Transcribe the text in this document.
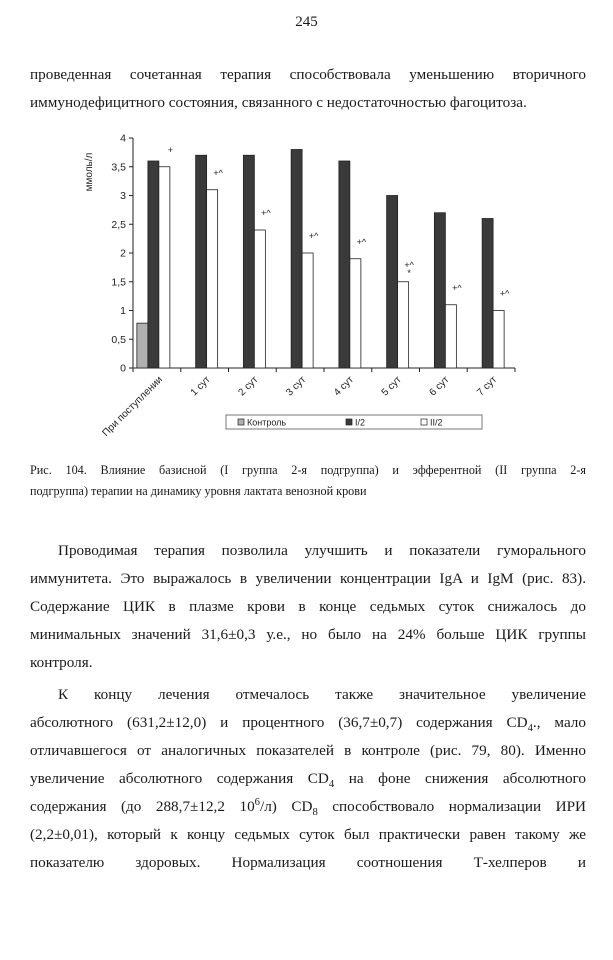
245

проведенная сочетанная терапия способствовала уменьшению вторичного
иммунодефицитного состояния, связанного с недостаточностью фагоцитоза.

ммоль/л
0
0,5
1
1,5
2
2,5
3
3,5
4
При поступлении 1 сут 2 сут 3 сут 4 сут 5 сут 6 сут 7 сут
+
+^
+^
+^
+^
+^
*
+^
+^
Контроль	I/2	II/2

Рис. 104. Влияние базисной (I группа 2-я подгруппа) и эфферентной (II группа 2-я
подгруппа) терапии на динамику уровня лактата венозной крови

Проводимая терапия позволила улучшить и показатели гуморального
иммунитета. Это выражалось в увеличении концентрации IgA и IgM (рис. 83).
Содержание ЦИК в плазме крови в конце седьмых суток снижалось до
минимальных значений 31,6±0,3 у.е., но было на 24% больше ЦИК группы
контроля.

К концу лечения отмечалось также значительное увеличение
абсолютного (631,2±12,0) и процентного (36,7±0,7) содержания $CD_4$., мало
отличавшегося от аналогичных показателей в контроле (рис. 79, 80). Именно
увеличение абсолютного содержания $CD_4$ на фоне снижения абсолютного
содержания (до 288,7±12,2 $10^6/л$) $CD_8$ способствовало нормализации ИРИ
(2,2±0,01), который к концу седьмых суток был практически равен такому же
показателю здоровых. Нормализация соотношения Т-хелперов и
